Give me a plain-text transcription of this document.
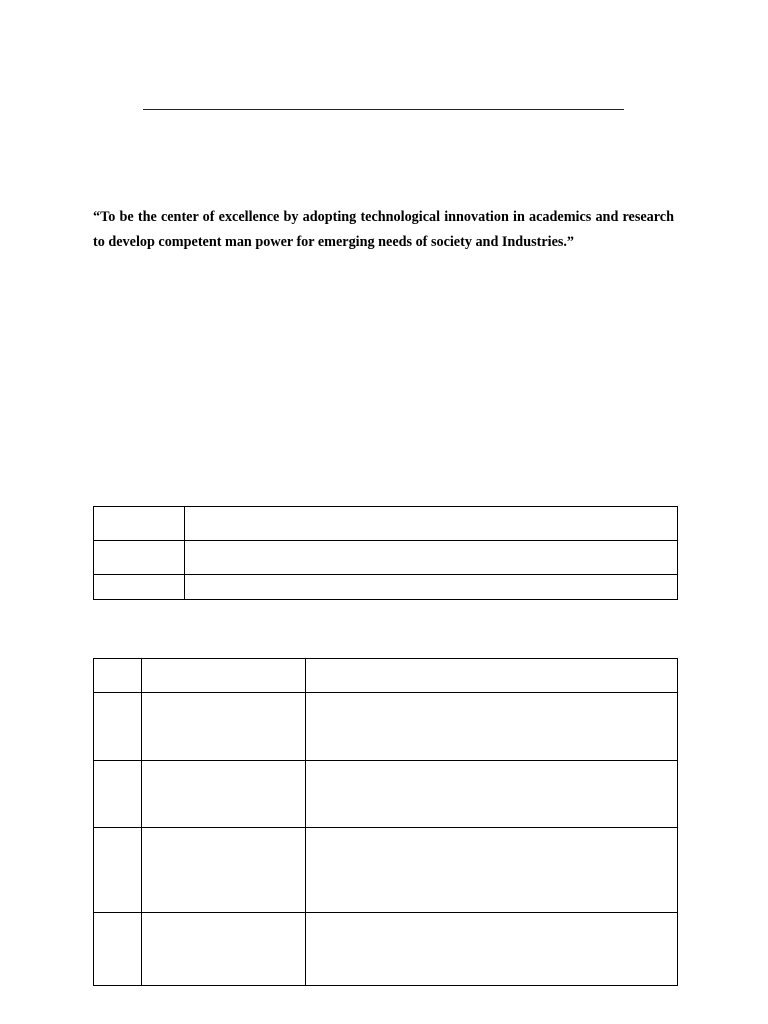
“To be the center of excellence by adopting technological innovation in academics and research to develop competent man power for emerging needs of society and Industries.”
